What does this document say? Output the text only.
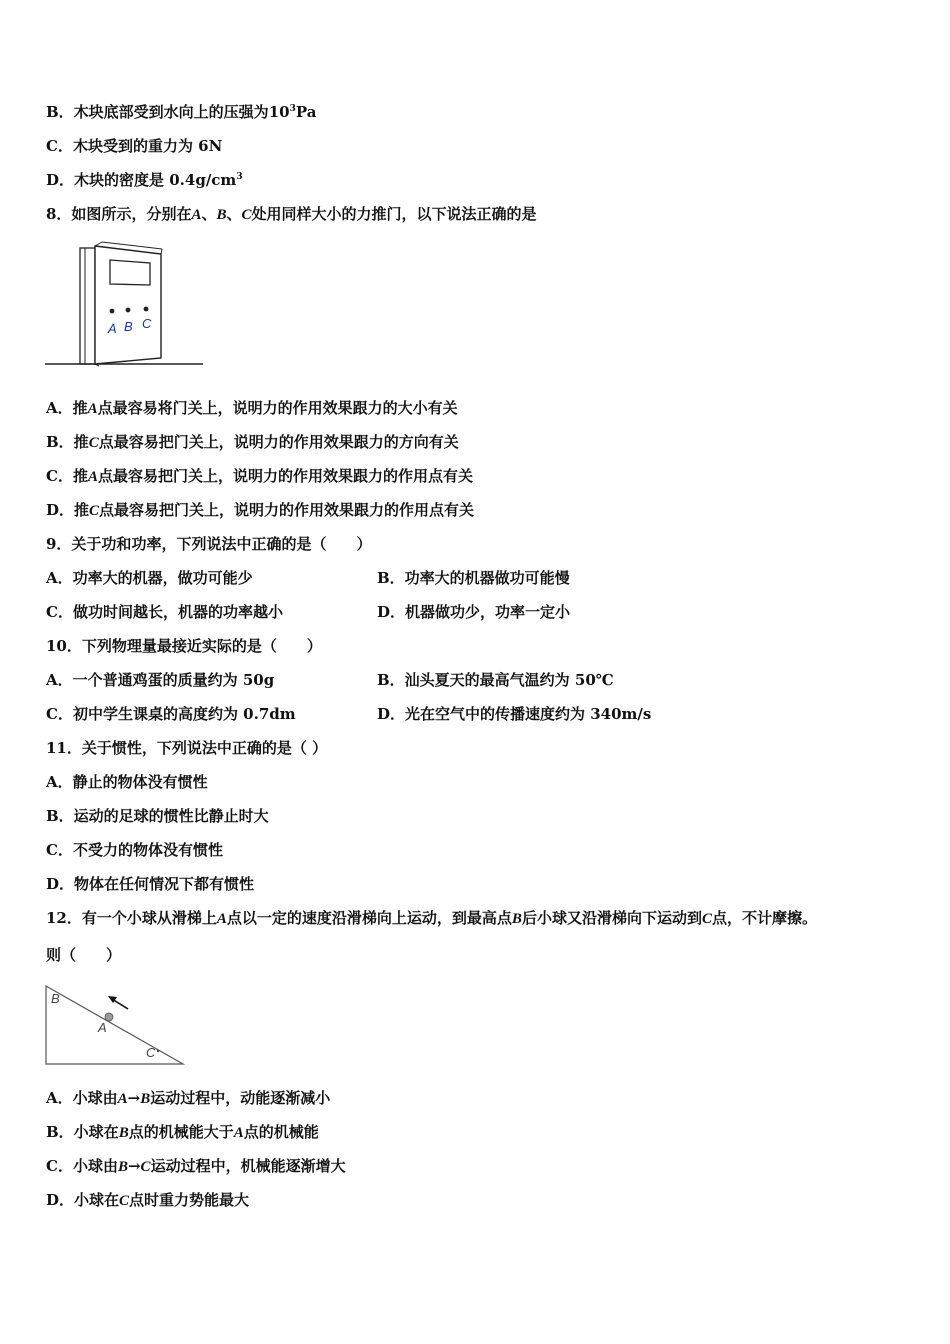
B．木块底部受到水向上的压强为$10^3Pa$
C．木块受到的重力为 6N
D．木块的密度是 $0.4g/cm^3$
8．如图所示，分别在A、B、C处用同样大小的力推门，以下说法正确的是
A B C
A．推A点最容易将门关上，说明力的作用效果跟力的大小有关
B．推C点最容易把门关上，说明力的作用效果跟力的方向有关
C．推A点最容易把门关上，说明力的作用效果跟力的作用点有关
D．推C点最容易把门关上，说明力的作用效果跟力的作用点有关
9．关于功和功率，下列说法中正确的是（　　）
A．功率大的机器，做功可能少	B．功率大的机器做功可能慢
C．做功时间越长，机器的功率越小	D．机器做功少，功率一定小
10．下列物理量最接近实际的是（　　）
A．一个普通鸡蛋的质量约为 50g	B．汕头夏天的最高气温约为 50℃
C．初中学生课桌的高度约为 0.7dm	D．光在空气中的传播速度约为 340m/s
11．关于惯性，下列说法中正确的是（ ）
A．静止的物体没有惯性
B．运动的足球的惯性比静止时大
C．不受力的物体没有惯性
D．物体在任何情况下都有惯性
12．有一个小球从滑梯上A点以一定的速度沿滑梯向上运动，到最高点B后小球又沿滑梯向下运动到C点，不计摩擦。
则（　　）
B
A
C
A．小球由A→B运动过程中，动能逐渐减小
B．小球在B点的机械能大于A点的机械能
C．小球由B→C运动过程中，机械能逐渐增大
D．小球在C点时重力势能最大
